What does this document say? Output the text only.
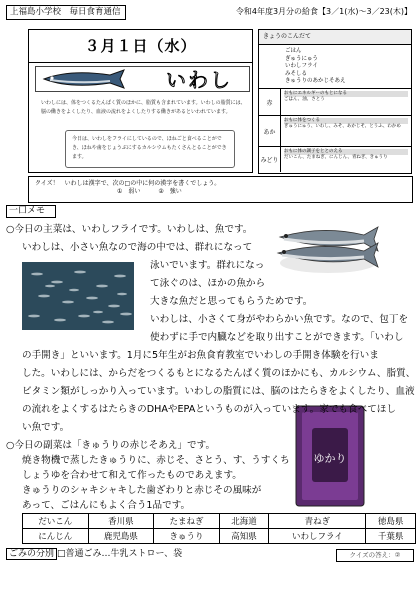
上福島小学校　毎日食育通信	令和4年度3月分の給食【3／1(水)～3／23(木)】
３月１日（水）
いわし
いわしには、体をつくるたんぱく質のほかに、脂質も含まれています。いわしの脂質には、脳の働きをよくしたり、血液の流れをよくしたりする働きがあるといわれています。
今日は、いわしをフライにしているので、ほねごと食べることができ、ほねや歯をじょうぶにするカルシウムもたくさんとることができます。
きょうのこんだて
ごはん
ぎゅうにゅう
いわしフライ
みそしる
きゅうりのあかじそあえ
赤
おもにエネルギーのもとになる
ごはん、油、さとう
あか
おもに体をつくる
ぎゅうにゅう、いわし、みそ、あかじそ、とうふ、わかめ
みどり
おもに体の調子をととのえる
だいこん、たまねぎ、にんじん、青ねぎ、きゅうり
クイズ！　いわしは漢字で、次の□の中に何の漢字を書くでしょう。
①　弱い　　　②　強い
一口メモ
ゆかり
○今日の主菜は、いわしフライです。いわしは、魚です。
いわしは、小さい魚なので海の中では、群れになって
泳いでいます。群れになっ
て泳ぐのは、ほかの魚から
大きな魚だと思ってもらうためです。
いわしは、小さくて身がやわらかい魚です。なので、包丁を
使わずに手で内臓などを取り出すことができます。「いわし
の手開き」といいます。1月に5年生がお魚食育教室でいわしの手開き体験を行いま
した。いわしには、からだをつくるもとになるたんぱく質のほかにも、カルシウム、脂質、
ビタミン類がしっかり入っています。いわしの脂質には、脳のはたらきをよくしたり、血液
の流れをよくするはたらきのDHAやEPAというものが入っています。家でも食べてほし
い魚です。
○今日の副菜は「きゅうりの赤じそあえ」です。
焼き物機で蒸したきゅうりに、赤じそ、さとう、す、うすくち
しょうゆを合わせて和えて作ったものであえます。
きゅうりのシャキシャキした歯ざわりと赤じその風味が
あって、ごはんにもよく合う1品です。
だいこん	香川県	たまねぎ	北海道	青ねぎ	徳島県
にんじん	鹿児島県	きゅうり	高知県	いわしフライ	千葉県
ごみの分別 □普通ごみ…牛乳ストロー、袋	クイズの答え：②
